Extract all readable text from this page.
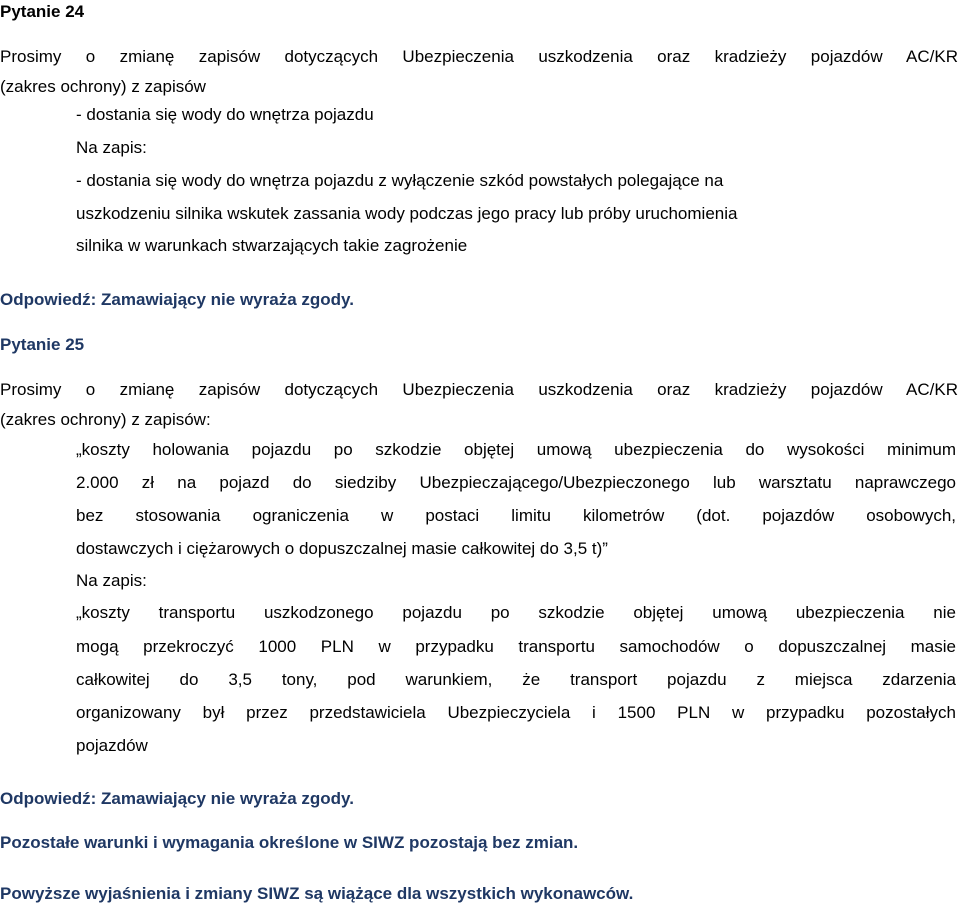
Pytanie 24
Prosimy o zmianę zapisów dotyczących Ubezpieczenia uszkodzenia oraz kradzieży pojazdów AC/KR
(zakres ochrony) z zapisów
- dostania się wody do wnętrza pojazdu
Na zapis:
- dostania się wody do wnętrza pojazdu z wyłączenie szkód powstałych polegające na
uszkodzeniu silnika wskutek zassania wody podczas jego pracy lub próby uruchomienia
silnika w warunkach stwarzających takie zagrożenie
Odpowiedź: Zamawiający nie wyraża zgody.
Pytanie 25
Prosimy o zmianę zapisów dotyczących Ubezpieczenia uszkodzenia oraz kradzieży pojazdów AC/KR
(zakres ochrony) z zapisów:
„koszty holowania pojazdu po szkodzie objętej umową ubezpieczenia do wysokości minimum
2.000 zł na pojazd do siedziby Ubezpieczającego/Ubezpieczonego lub warsztatu naprawczego
bez stosowania ograniczenia w postaci limitu kilometrów (dot. pojazdów osobowych,
dostawczych i ciężarowych o dopuszczalnej masie całkowitej do 3,5 t)”
Na zapis:
„koszty transportu uszkodzonego pojazdu po szkodzie objętej umową ubezpieczenia nie
mogą przekroczyć 1000 PLN w przypadku transportu samochodów o dopuszczalnej masie
całkowitej do 3,5 tony, pod warunkiem, że transport pojazdu z miejsca zdarzenia
organizowany był przez przedstawiciela Ubezpieczyciela i 1500 PLN w przypadku pozostałych
pojazdów
Odpowiedź: Zamawiający nie wyraża zgody.
Pozostałe warunki i wymagania określone w SIWZ pozostają bez zmian.
Powyższe wyjaśnienia i zmiany SIWZ są wiążące dla wszystkich wykonawców.
